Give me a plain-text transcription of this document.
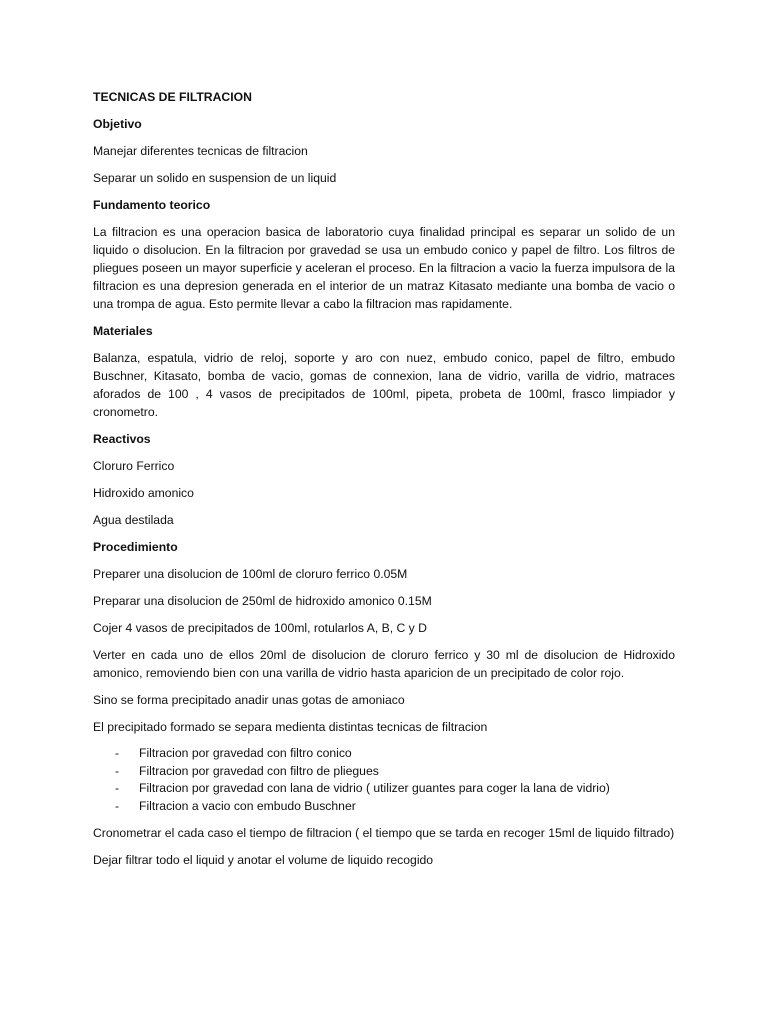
TECNICAS DE FILTRACION

Objetivo

Manejar diferentes tecnicas de filtracion

Separar un solido en suspension de un liquid

Fundamento teorico

La filtracion es una operacion basica de laboratorio cuya finalidad principal es separar un solido de un liquido o disolucion. En la filtracion por gravedad se usa un embudo conico y papel de filtro. Los filtros de pliegues poseen un mayor superficie y aceleran el proceso. En la filtracion a vacio la fuerza impulsora de la filtracion es una depresion generada en el interior de un matraz Kitasato mediante una bomba de vacio o una trompa de agua. Esto permite llevar a cabo la filtracion mas rapidamente.

Materiales

Balanza, espatula, vidrio de reloj, soporte y aro con nuez, embudo conico, papel de filtro, embudo Buschner, Kitasato, bomba de vacio, gomas de connexion, lana de vidrio, varilla de vidrio, matraces aforados de 100 , 4 vasos de precipitados de 100ml, pipeta, probeta de 100ml, frasco limpiador y cronometro.

Reactivos

Cloruro Ferrico

Hidroxido amonico

Agua destilada

Procedimiento

Preparer una disolucion de 100ml de cloruro ferrico 0.05M

Preparar una disolucion de 250ml de hidroxido amonico 0.15M

Cojer 4 vasos de precipitados de 100ml, rotularlos A, B, C y D

Verter en cada uno de ellos 20ml de disolucion de cloruro ferrico y 30 ml de disolucion de Hidroxido amonico, removiendo bien con una varilla de vidrio hasta aparicion de un precipitado de color rojo.

Sino se forma precipitado anadir unas gotas de amoniaco

El precipitado formado se separa medienta distintas tecnicas de filtracion

- Filtracion por gravedad con filtro conico
- Filtracion por gravedad con filtro de pliegues
- Filtracion por gravedad con lana de vidrio ( utilizer guantes para coger la lana de vidrio)
- Filtracion a vacio con embudo Buschner

Cronometrar el cada caso el tiempo de filtracion ( el tiempo que se tarda en recoger 15ml de liquido filtrado)

Dejar filtrar todo el liquid y anotar el volume de liquido recogido
